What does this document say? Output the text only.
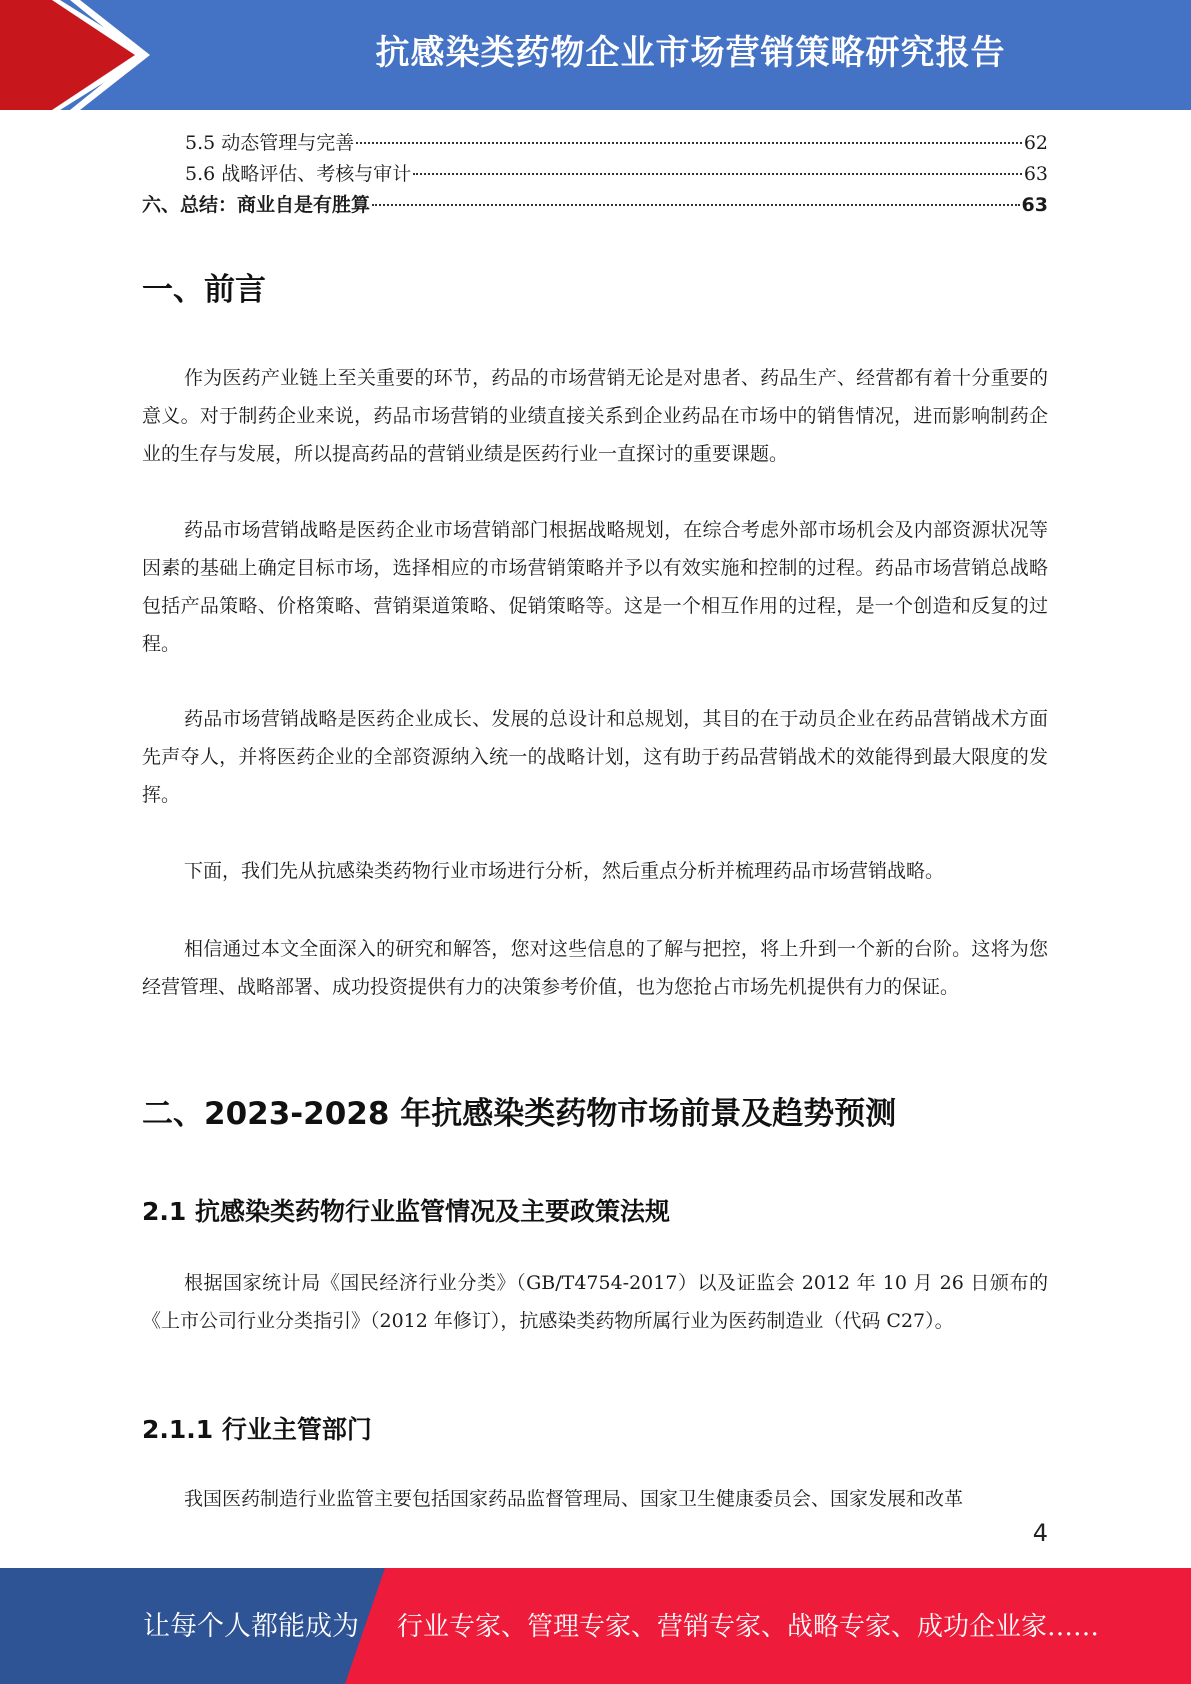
抗感染类药物企业市场营销策略研究报告
5.5 动态管理与完善	62
5.6 战略评估、考核与审计	63
六、总结：商业自是有胜算	63
一、前言

作为医药产业链上至关重要的环节，药品的市场营销无论是对患者、药品生产、经营都有着十分重要的意义。对于制药企业来说，药品市场营销的业绩直接关系到企业药品在市场中的销售情况，进而影响制药企业的生存与发展，所以提高药品的营销业绩是医药行业一直探讨的重要课题。

药品市场营销战略是医药企业市场营销部门根据战略规划，在综合考虑外部市场机会及内部资源状况等因素的基础上确定目标市场，选择相应的市场营销策略并予以有效实施和控制的过程。药品市场营销总战略包括产品策略、价格策略、营销渠道策略、促销策略等。这是一个相互作用的过程，是一个创造和反复的过程。

药品市场营销战略是医药企业成长、发展的总设计和总规划，其目的在于动员企业在药品营销战术方面先声夺人，并将医药企业的全部资源纳入统一的战略计划，这有助于药品营销战术的效能得到最大限度的发挥。

下面，我们先从抗感染类药物行业市场进行分析，然后重点分析并梳理药品市场营销战略。

相信通过本文全面深入的研究和解答，您对这些信息的了解与把控，将上升到一个新的台阶。这将为您经营管理、战略部署、成功投资提供有力的决策参考价值，也为您抢占市场先机提供有力的保证。

二、2023-2028 年抗感染类药物市场前景及趋势预测
2.1 抗感染类药物行业监管情况及主要政策法规

根据国家统计局《国民经济行业分类》（GB/T4754-2017）以及证监会 2012 年 10 月 26 日颁布的《上市公司行业分类指引》（2012 年修订），抗感染类药物所属行业为医药制造业（代码 C27）。

2.1.1 行业主管部门

我国医药制造行业监管主要包括国家药品监督管理局、国家卫生健康委员会、国家发展和改革

4
让每个人都能成为 行业专家、管理专家、营销专家、战略专家、成功企业家……
